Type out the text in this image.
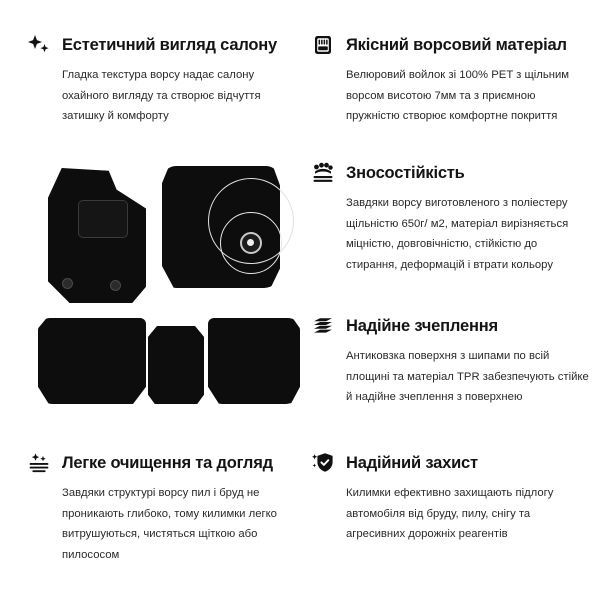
Естетичний вигляд салону

Гладка текстура ворсу надає салону охайного вигляду та створює відчуття затишку й комфорту

Якісний ворсовий матеріал

Велюровий войлок зі 100% PET з щільним ворсом висотою 7мм та з приємною пружністю створює комфортне покриття

Зносостійкість

Завдяки ворсу виготовленого з поліестеру щільністю 650г/ м2, матеріал вирізняється міцністю, довговічністю, стійкістю до стирання, деформацій і втрати кольору

Надійне зчеплення

Антиковзка поверхня з шипами по всій площині та матеріал TPR забезпечують стійке й надійне зчеплення з поверхнею

Легке очищення та догляд

Завдяки структурі ворсу пил і бруд не проникають глибоко, тому килимки легко витрушуються, чистяться щіткою або пилососом

Надійний захист

Килимки ефективно захищають підлогу автомобіля від бруду, пилу, снігу та агресивних дорожніх реагентів
